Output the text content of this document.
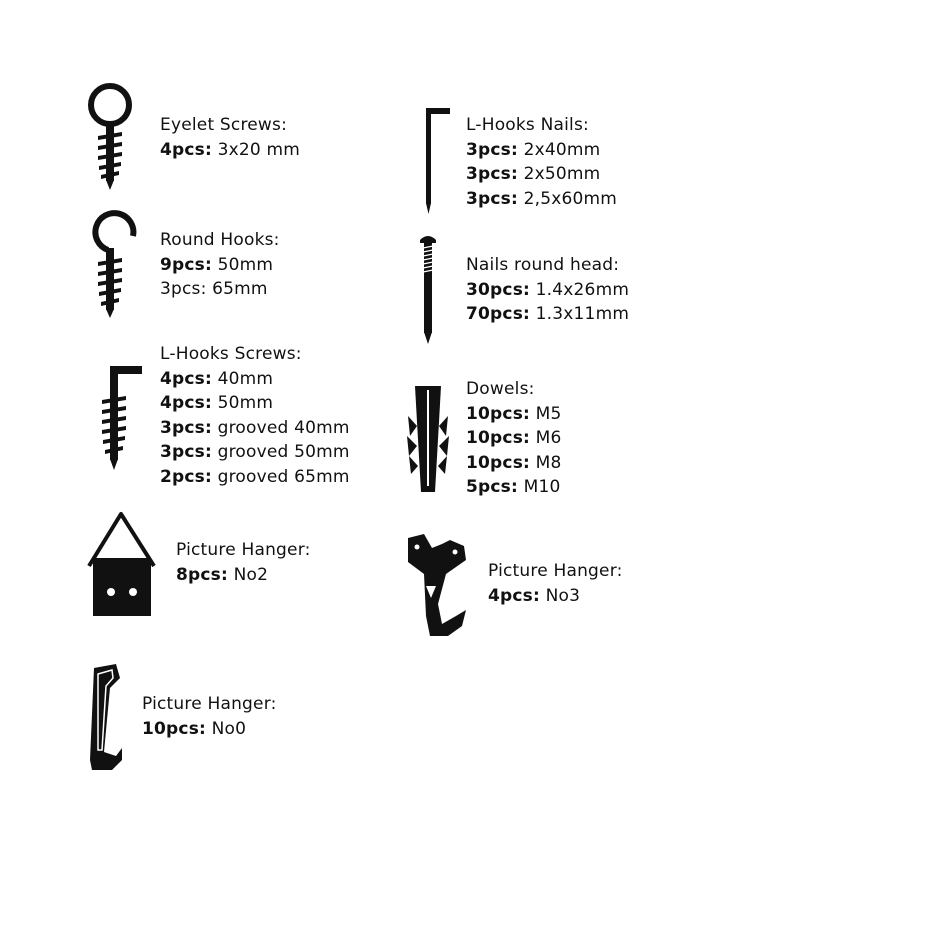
Eyelet Screws:
4pcs: 3x20 mm
Round Hooks:
9pcs: 50mm
3pcs: 65mm
L-Hooks Screws:
4pcs: 40mm
4pcs: 50mm
3pcs: grooved 40mm
3pcs: grooved 50mm
2pcs: grooved 65mm
Picture Hanger:
8pcs: No2
Picture Hanger:
10pcs: No0
L-Hooks Nails:
3pcs: 2x40mm
3pcs: 2x50mm
3pcs: 2,5x60mm
Nails round head:
30pcs: 1.4x26mm
70pcs: 1.3x11mm
Dowels:
10pcs: M5
10pcs: M6
10pcs: M8
5pcs: M10
Picture Hanger:
4pcs: No3
